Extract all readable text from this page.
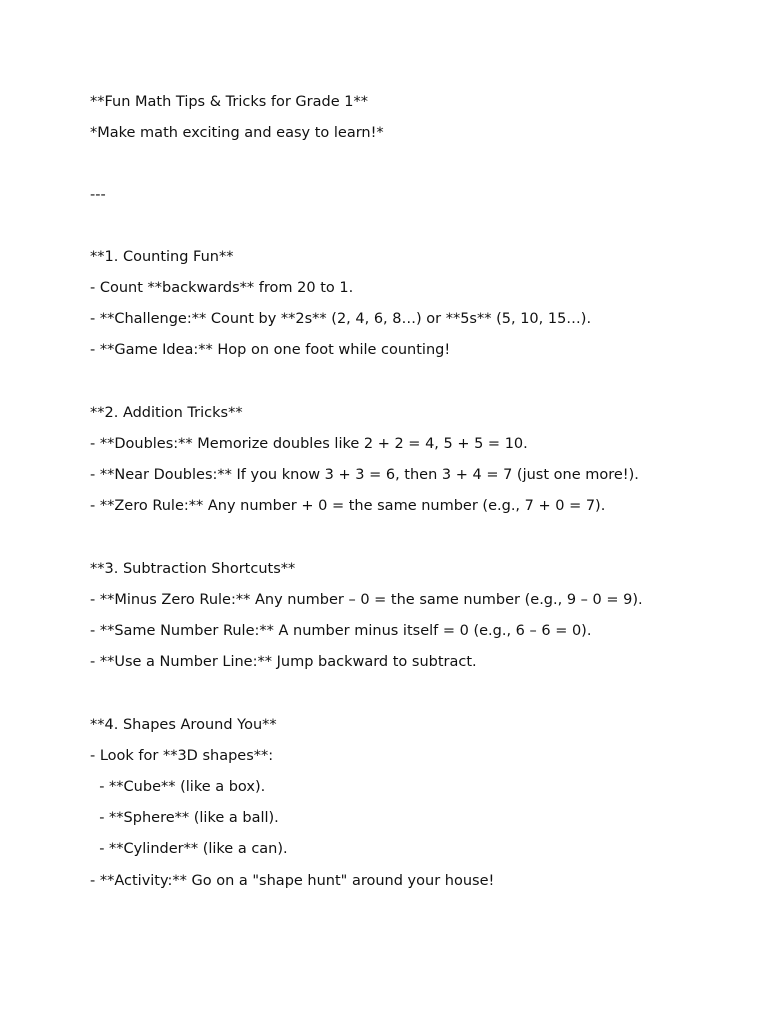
**Fun Math Tips & Tricks for Grade 1**

*Make math exciting and easy to learn!*

---

**1. Counting Fun**

- Count **backwards** from 20 to 1.

- **Challenge:** Count by **2s** (2, 4, 6, 8…) or **5s** (5, 10, 15…).

- **Game Idea:** Hop on one foot while counting!

**2. Addition Tricks**

- **Doubles:** Memorize doubles like 2 + 2 = 4, 5 + 5 = 10.

- **Near Doubles:** If you know 3 + 3 = 6, then 3 + 4 = 7 (just one more!).

- **Zero Rule:** Any number + 0 = the same number (e.g., 7 + 0 = 7).

**3. Subtraction Shortcuts**

- **Minus Zero Rule:** Any number – 0 = the same number (e.g., 9 – 0 = 9).

- **Same Number Rule:** A number minus itself = 0 (e.g., 6 – 6 = 0).

- **Use a Number Line:** Jump backward to subtract.

**4. Shapes Around You**

- Look for **3D shapes**:

- **Cube** (like a box).

- **Sphere** (like a ball).

- **Cylinder** (like a can).

- **Activity:** Go on a "shape hunt" around your house!
